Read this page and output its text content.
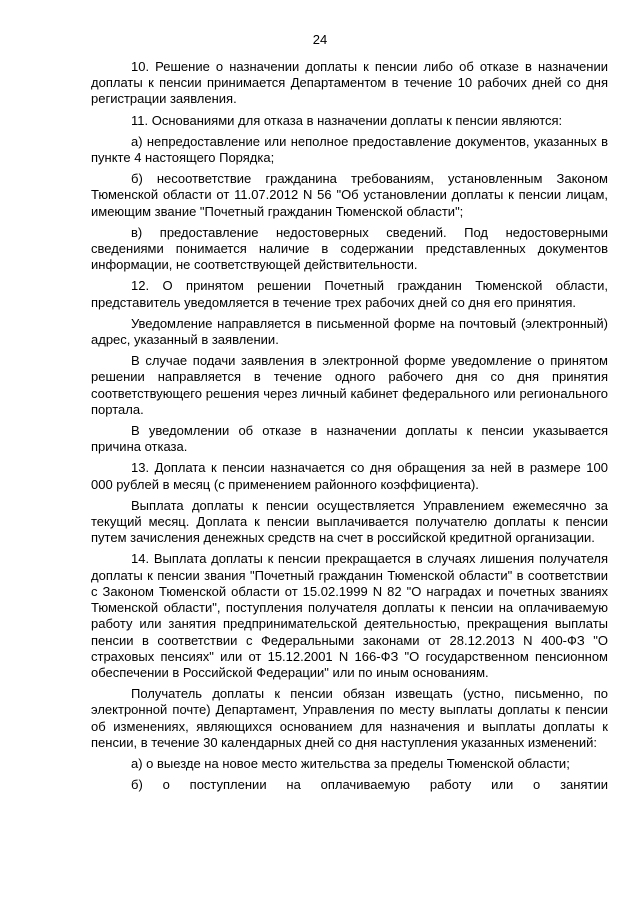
24

10. Решение о назначении доплаты к пенсии либо об отказе в назначении доплаты к пенсии принимается Департаментом в течение 10 рабочих дней со дня регистрации заявления.

11. Основаниями для отказа в назначении доплаты к пенсии являются:

а) непредоставление или неполное предоставление документов, указанных в пункте 4 настоящего Порядка;

б) несоответствие гражданина требованиям, установленным Законом Тюменской области от 11.07.2012 N 56 "Об установлении доплаты к пенсии лицам, имеющим звание "Почетный гражданин Тюменской области";

в) предоставление недостоверных сведений. Под недостоверными сведениями понимается наличие в содержании представленных документов информации, не соответствующей действительности.

12. О принятом решении Почетный гражданин Тюменской области, представитель уведомляется в течение трех рабочих дней со дня его принятия.

Уведомление направляется в письменной форме на почтовый (электронный) адрес, указанный в заявлении.

В случае подачи заявления в электронной форме уведомление о принятом решении направляется в течение одного рабочего дня со дня принятия соответствующего решения через личный кабинет федерального или регионального портала.

В уведомлении об отказе в назначении доплаты к пенсии указывается причина отказа.

13. Доплата к пенсии назначается со дня обращения за ней в размере 100 000 рублей в месяц (с применением районного коэффициента).

Выплата доплаты к пенсии осуществляется Управлением ежемесячно за текущий месяц. Доплата к пенсии выплачивается получателю доплаты к пенсии путем зачисления денежных средств на счет в российской кредитной организации.

14. Выплата доплаты к пенсии прекращается в случаях лишения получателя доплаты к пенсии звания "Почетный гражданин Тюменской области" в соответствии с Законом Тюменской области от 15.02.1999 N 82 "О наградах и почетных званиях Тюменской области", поступления получателя доплаты к пенсии на оплачиваемую работу или занятия предпринимательской деятельностью, прекращения выплаты пенсии в соответствии с Федеральными законами от 28.12.2013 N 400-ФЗ "О страховых пенсиях" или от 15.12.2001 N 166-ФЗ "О государственном пенсионном обеспечении в Российской Федерации" или по иным основаниям.

Получатель доплаты к пенсии обязан извещать (устно, письменно, по электронной почте) Департамент, Управления по месту выплаты доплаты к пенсии об изменениях, являющихся основанием для назначения и выплаты доплаты к пенсии, в течение 30 календарных дней со дня наступления указанных изменений:

а) о выезде на новое место жительства за пределы Тюменской области;

б) о поступлении на оплачиваемую работу или о занятии
